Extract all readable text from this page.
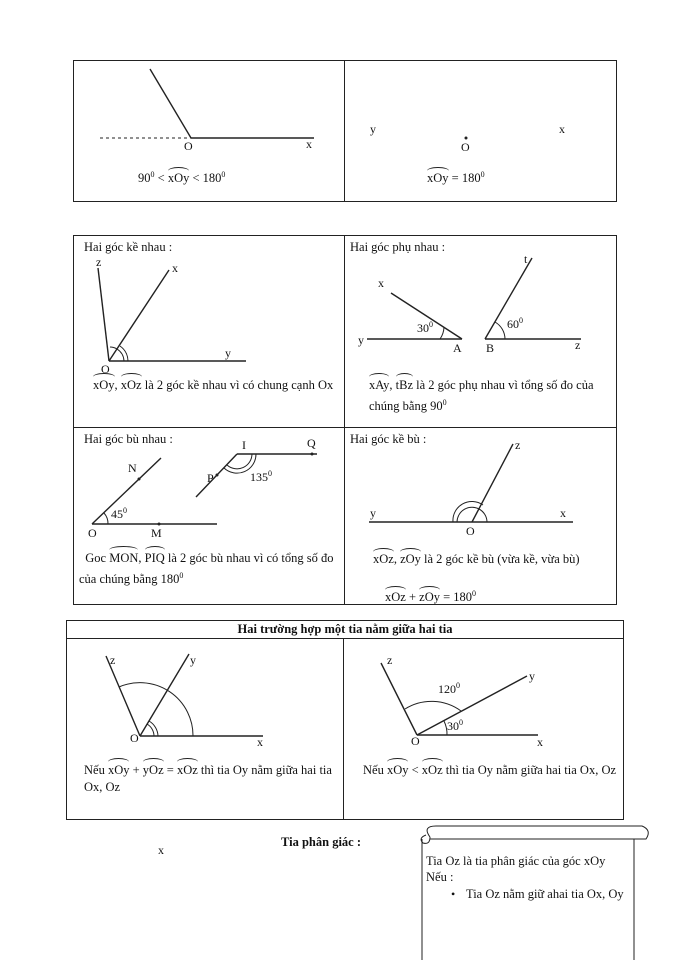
O	x
$90^0$ < xOy < $180^0$
y	x
O
xOy = $180^0$
Hai góc kề nhau :
z	x
O
y
xOy, xOz là 2 góc kề nhau vì có chung cạnh Ox
Hai góc phụ nhau :
x
$30^0$
y
A
t
$60^0$
B	z
xAy, tBz là 2 góc phụ nhau vì tổng số đo của chúng bằng $90^0$
Hai góc bù nhau :
N
$45^0$
O	M
I	Q
P	$135^0$
Goc MON, PIQ là 2 góc bù nhau vì có tổng số đo của chúng bằng $180^0$
Hai góc kề bù :	z
y
O
x
xOz, zOy là 2 góc kề bù (vừa kề, vừa bù)
xOz + zOy = $180^0$
Hai trường hợp một tia nằm giữa hai tia
z	y
O	x
Nếu xOy + yOz = xOz thì tia Oy nằm giữa hai tia Ox, Oz
z
y
$120^0$
$30^0$
O	x
Nếu xOy < xOz thì tia Oy nằm giữa hai tia Ox, Oz
Tia phân giác :
x
Tia Oz là tia phân giác của góc xOy
Nếu :
• Tia Oz nằm giữ ahai tia Ox, Oy
